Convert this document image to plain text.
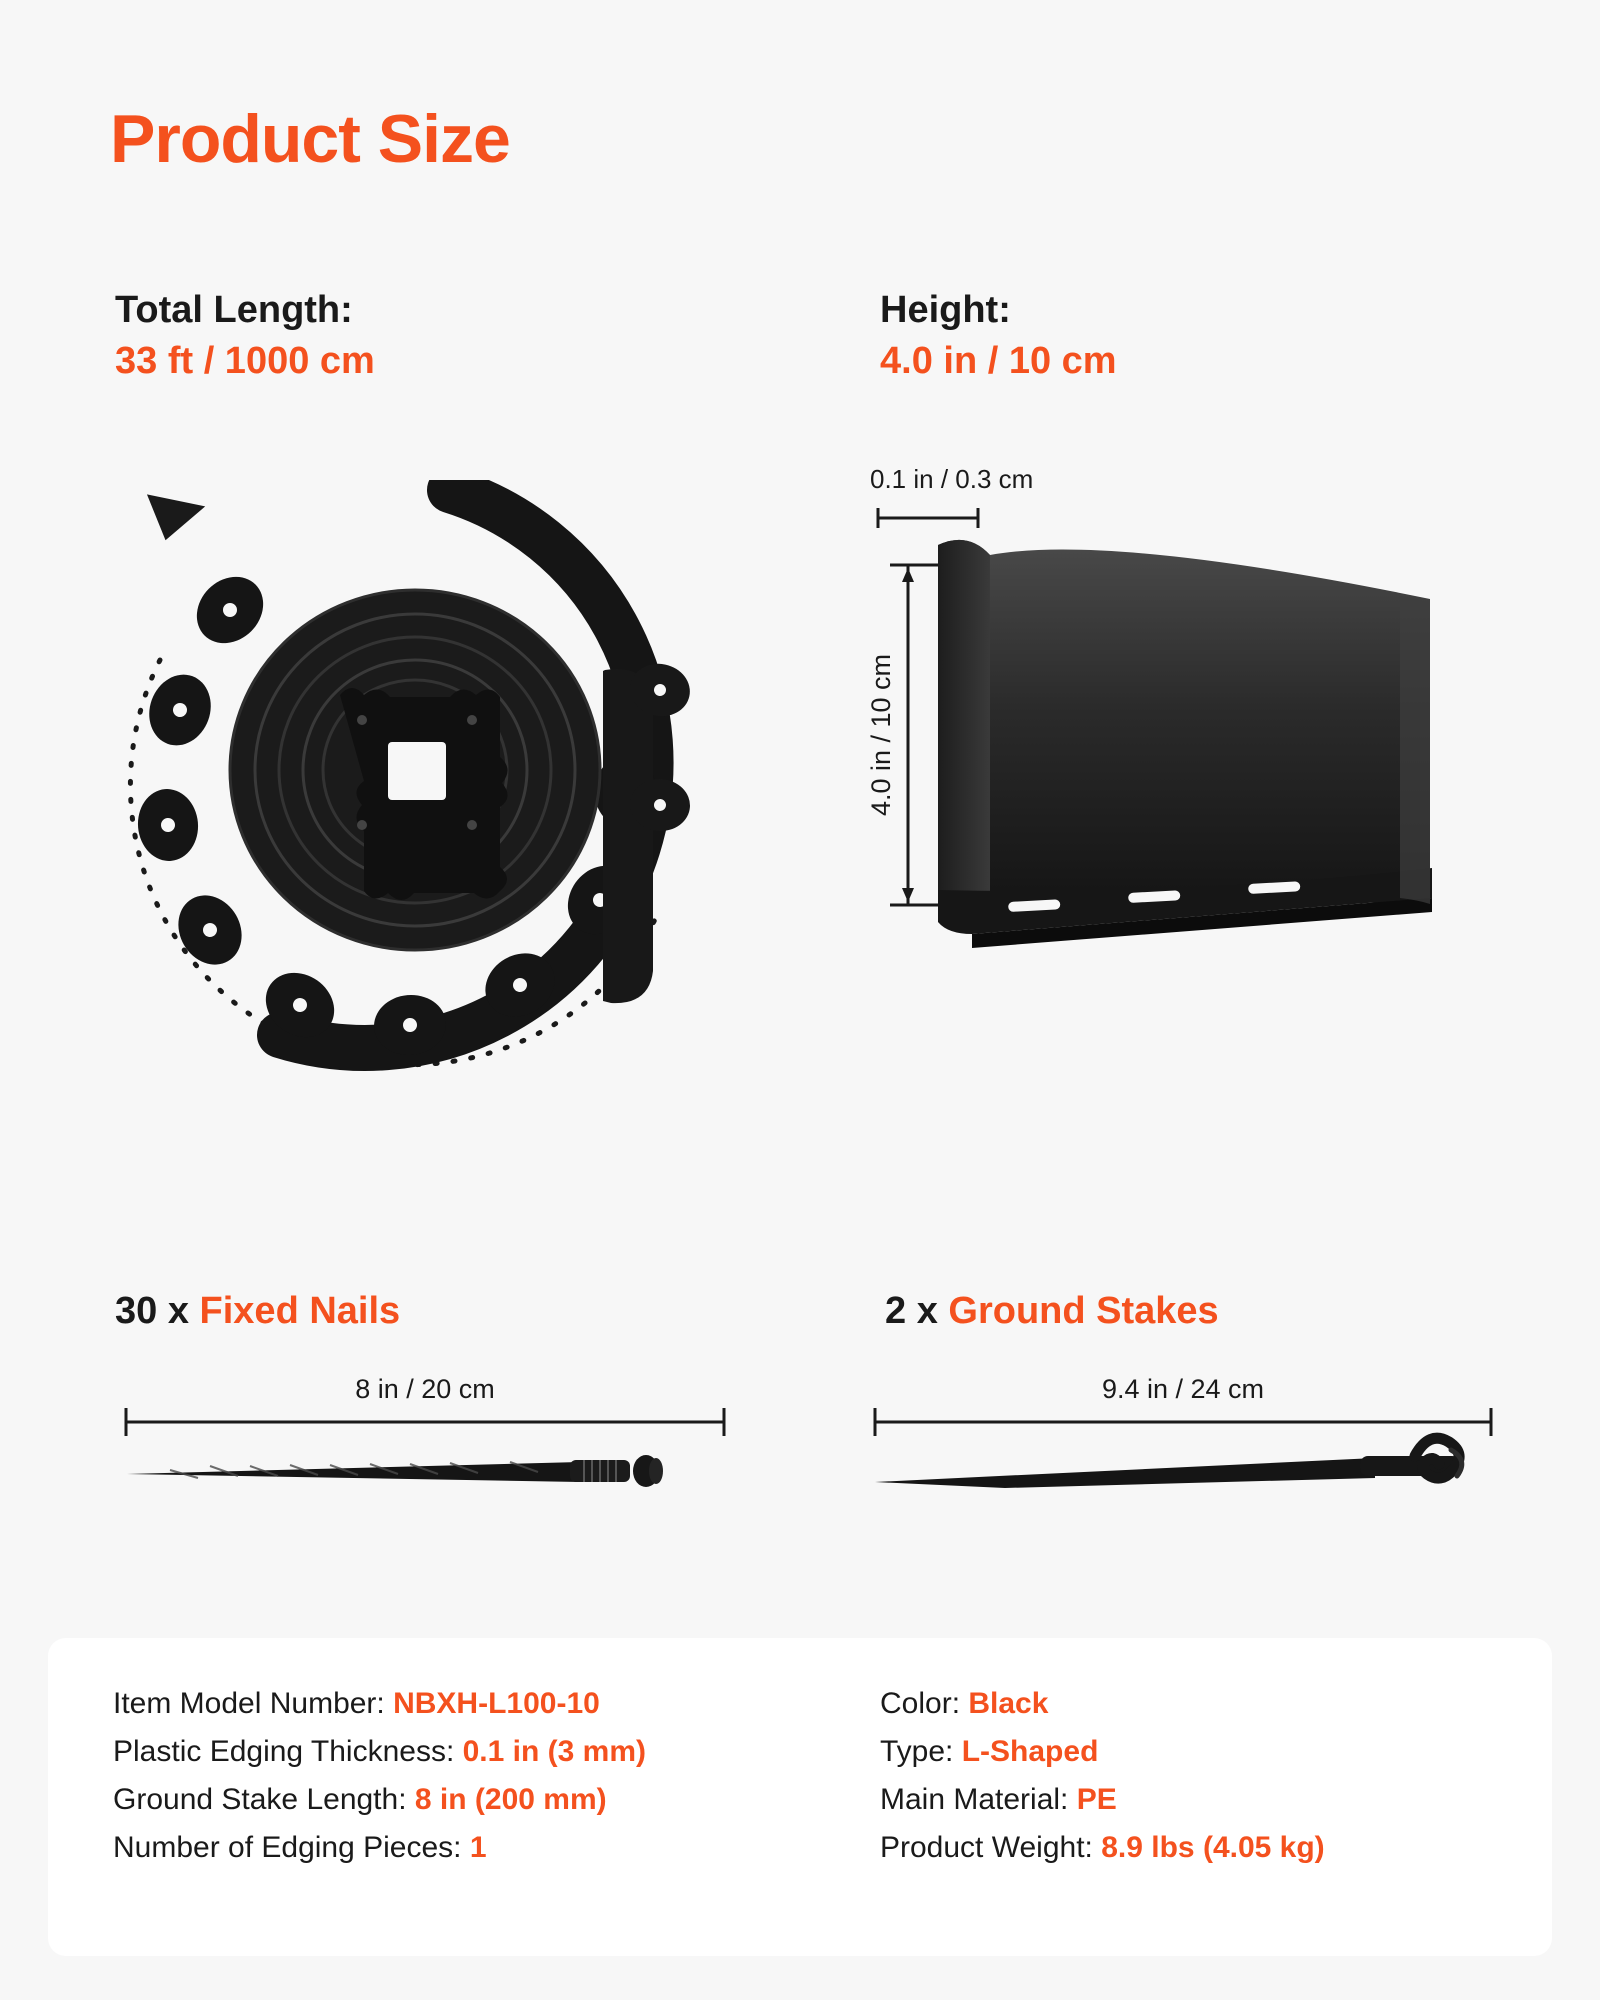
Product Size
Total Length:
33 ft / 1000 cm
Height:
4.0 in / 10 cm
0.1 in / 0.3 cm
4.0 in / 10 cm
30 x Fixed Nails	2 x Ground Stakes
8 in / 20 cm	9.4 in / 24 cm
Item Model Number: NBXH-L100-10
Plastic Edging Thickness: 0.1 in (3 mm)
Ground Stake Length: 8 in (200 mm)
Number of Edging Pieces: 1
Color: Black
Type: L-Shaped
Main Material: PE
Product Weight: 8.9 lbs (4.05 kg)
